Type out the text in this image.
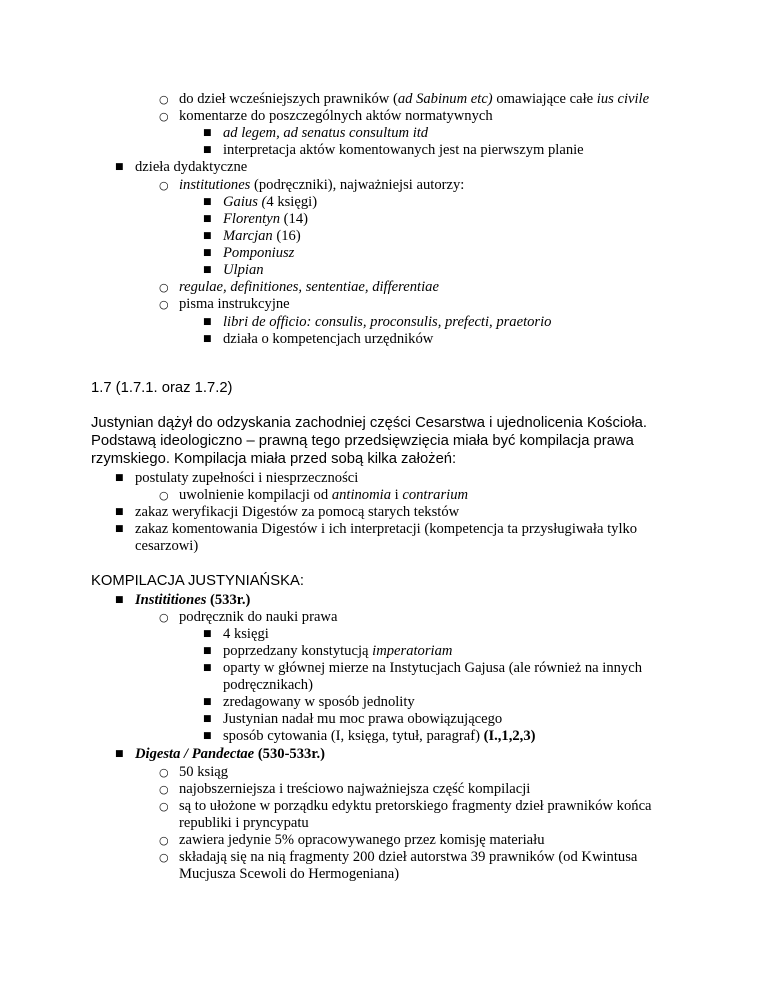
○ do dzieł wcześniejszych prawników (ad Sabinum etc) omawiające całe ius civile
○ komentarze do poszczególnych aktów normatywnych
■ ad legem, ad senatus consultum itd
■ interpretacja aktów komentowanych jest na pierwszym planie
■ dzieła dydaktyczne
○ institutiones (podręczniki), najważniejsi autorzy:
■ Gaius (4 księgi)
■ Florentyn (14)
■ Marcjan (16)
■ Pomponiusz
■ Ulpian
○ regulae, definitiones, sententiae, differentiae
○ pisma instrukcyjne
■ libri de officio: consulis, proconsulis, prefecti, praetorio
■ działa o kompetencjach urzędników
1.7 (1.7.1. oraz 1.7.2)
Justynian dążył do odzyskania zachodniej części Cesarstwa i ujednolicenia Kościoła.
Podstawą ideologiczno – prawną tego przedsięwzięcia miała być kompilacja prawa
rzymskiego. Kompilacja miała przed sobą kilka założeń:
■ postulaty zupełności i niesprzeczności
○ uwolnienie kompilacji od antinomia i contrarium
■ zakaz weryfikacji Digestów za pomocą starych tekstów
■ zakaz komentowania Digestów i ich interpretacji (kompetencja ta przysługiwała tylko
cesarzowi)
KOMPILACJA JUSTYNIAŃSKA:
■ Instititiones (533r.)
○ podręcznik do nauki prawa
■ 4 księgi
■ poprzedzany konstytucją imperatoriam
■ oparty w głównej mierze na Instytucjach Gajusa (ale również na innych
podręcznikach)
■ zredagowany w sposób jednolity
■ Justynian nadał mu moc prawa obowiązującego
■ sposób cytowania (I, księga, tytuł, paragraf) (I.,1,2,3)
■ Digesta / Pandectae (530-533r.)
○ 50 ksiąg
○ najobszerniejsza i treściowo najważniejsza część kompilacji
○ są to ułożone w porządku edyktu pretorskiego fragmenty dzieł prawników końca
republiki i pryncypatu
○ zawiera jedynie 5% opracowywanego przez komisję materiału
○ składają się na nią fragmenty 200 dzieł autorstwa 39 prawników (od Kwintusa
Mucjusza Scewoli do Hermogeniana)
